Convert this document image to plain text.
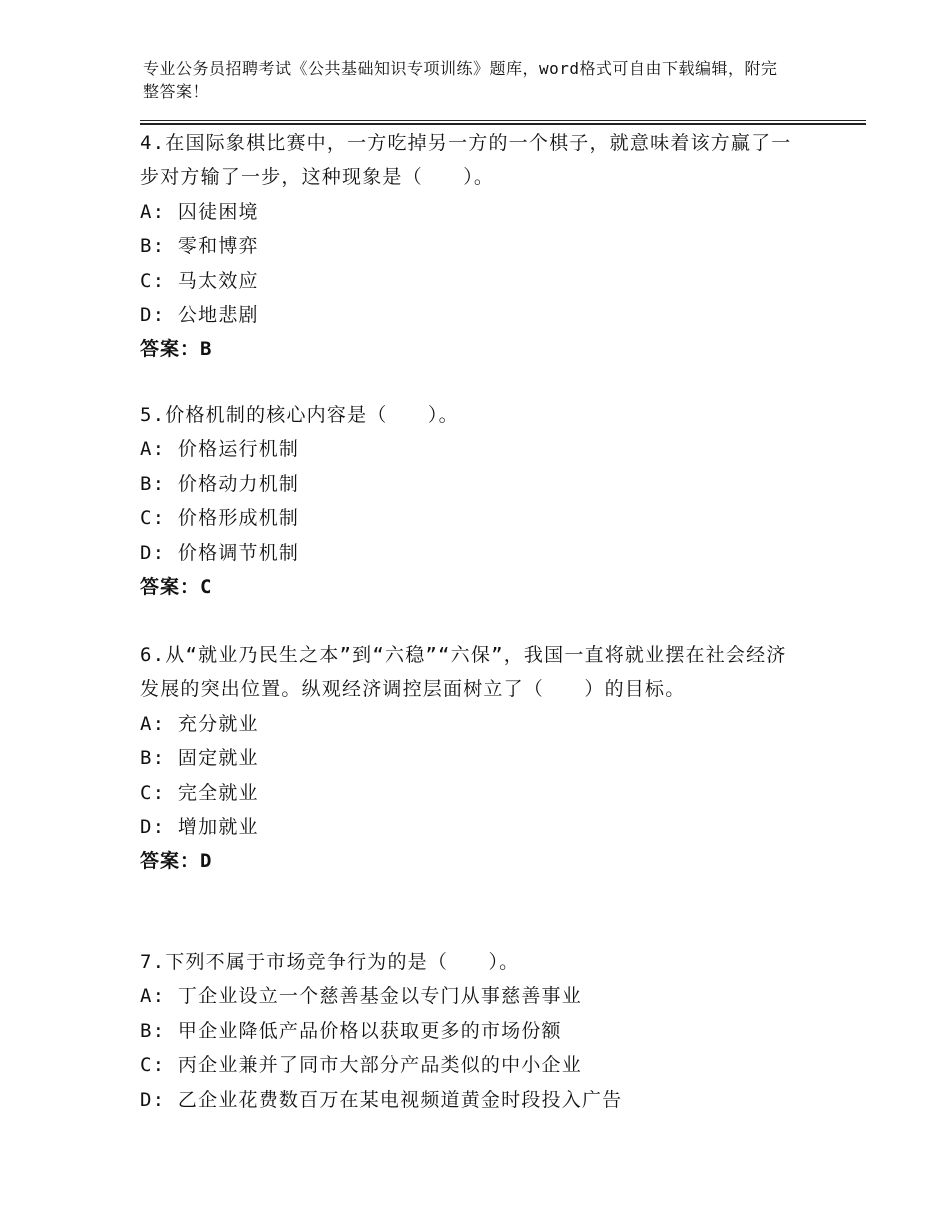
专业公务员招聘考试《公共基础知识专项训练》题库，word格式可自由下载编辑，附完整答案！
4.在国际象棋比赛中，一方吃掉另一方的一个棋子，就意味着该方赢了一步对方输了一步，这种现象是（　　）。
A: 囚徒困境
B: 零和博弈
C: 马太效应
D: 公地悲剧
答案：B
5.价格机制的核心内容是（　　）。
A: 价格运行机制
B: 价格动力机制
C: 价格形成机制
D: 价格调节机制
答案：C
6.从“就业乃民生之本”到“六稳”“六保”，我国一直将就业摆在社会经济发展的突出位置。纵观经济调控层面树立了（　　）的目标。
A: 充分就业
B: 固定就业
C: 完全就业
D: 增加就业
答案：D
7.下列不属于市场竞争行为的是（　　）。
A: 丁企业设立一个慈善基金以专门从事慈善事业
B: 甲企业降低产品价格以获取更多的市场份额
C: 丙企业兼并了同市大部分产品类似的中小企业
D: 乙企业花费数百万在某电视频道黄金时段投入广告
